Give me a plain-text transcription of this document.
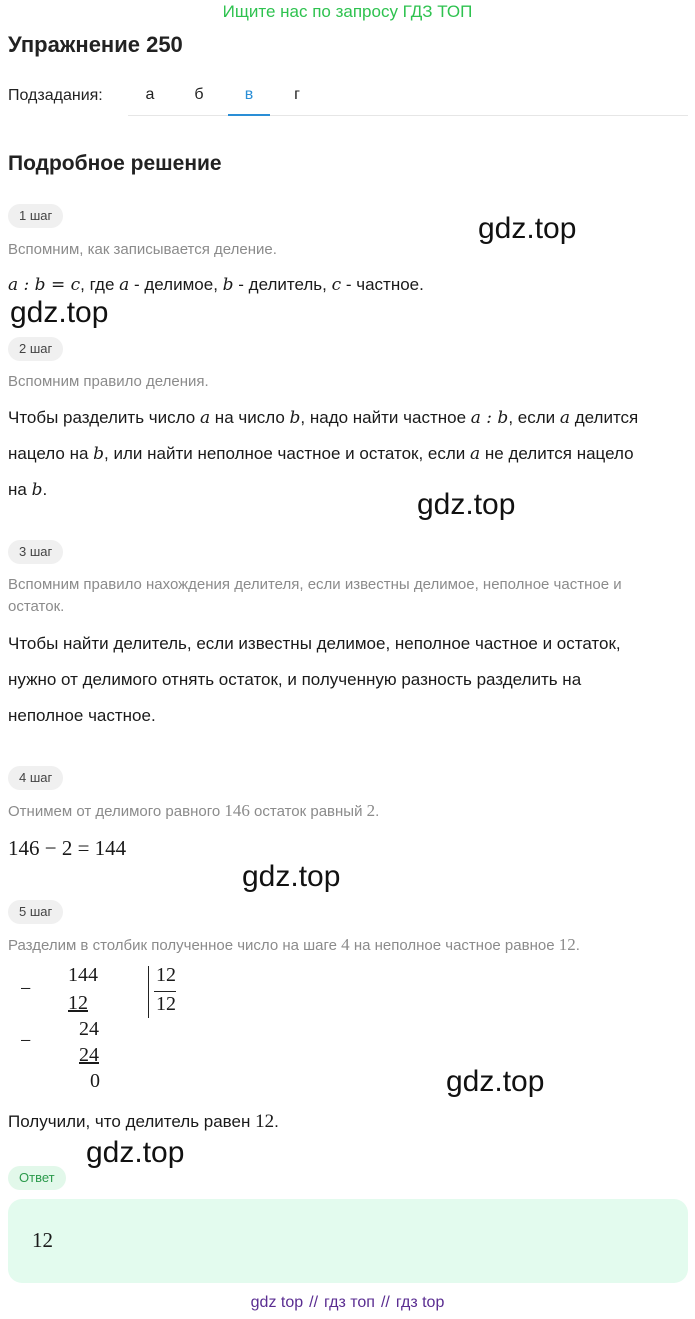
Ищите нас по запросу ГДЗ ТОП
Упражнение 250
Подзадания:	а	б	в	г
Подробное решение
1 шаг	gdz.top
Вспомним, как записывается деление.
a : b = c, где a - делимое, b - делитель, c - частное.
gdz.top
2 шаг
Вспомним правило деления.
Чтобы разделить число a на число b, надо найти частное a : b, если a делится
нацело на b, или найти неполное частное и остаток, если a не делится нацело
на b.	gdz.top
3 шаг
Вспомним правило нахождения делителя, если известны делимое, неполное частное и
остаток.
Чтобы найти делитель, если известны делимое, неполное частное и остаток,
нужно от делимого отнять остаток, и полученную разность разделить на
неполное частное.
4 шаг
Отнимем от делимого равного 146 остаток равный 2.
146 − 2 = 144
gdz.top
5 шаг
Разделим в столбик полученное число на шаге 4 на неполное частное равное 12.
−
144	12
12
12
−
24
24
0	gdz.top
Получили, что делитель равен 12.
gdz.top
Ответ
12
gdz top // гдз топ // гдз top
